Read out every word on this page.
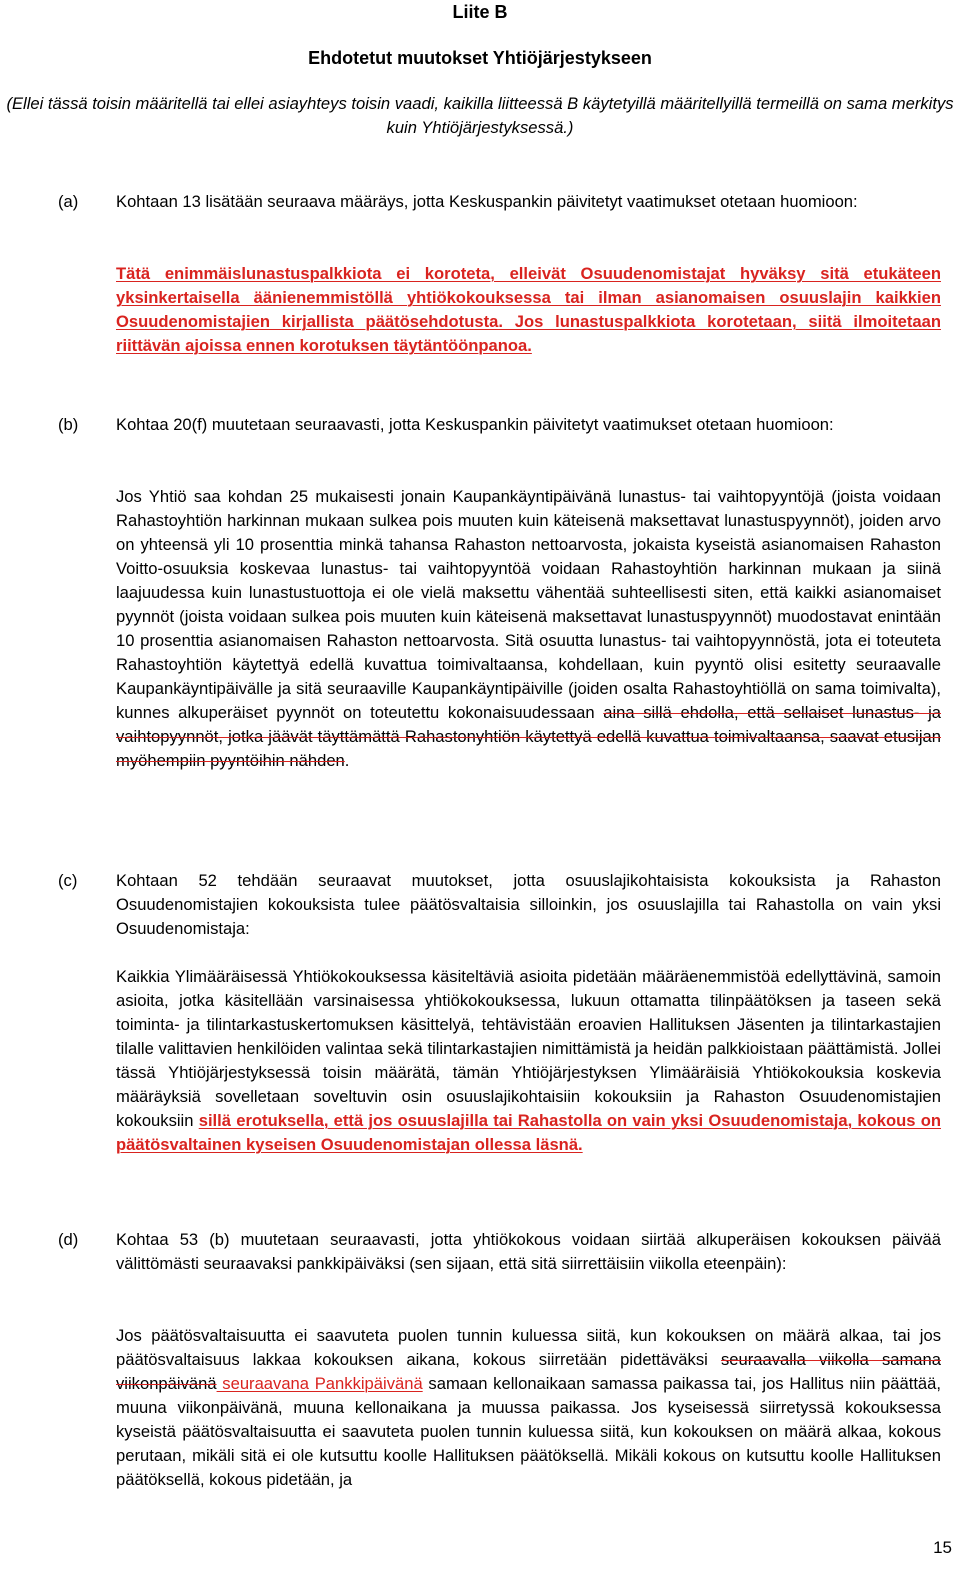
Liite B
Ehdotetut muutokset Yhtiöjärjestykseen
(Ellei tässä toisin määritellä tai ellei asiayhteys toisin vaadi, kaikilla liitteessä B käytetyillä määritellyillä termeillä on sama merkitys kuin Yhtiöjärjestyksessä.)
(a)	Kohtaan 13 lisätään seuraava määräys, jotta Keskuspankin päivitetyt vaatimukset otetaan huomioon:

Tätä enimmäislunastuspalkkiota ei koroteta, elleivät Osuudenomistajat hyväksy sitä etukäteen yksinkertaisella äänienemmistöllä yhtiökokouksessa tai ilman asianomaisen osuuslajin kaikkien Osuudenomistajien kirjallista päätösehdotusta. Jos lunastuspalkkiota korotetaan, siitä ilmoitetaan riittävän ajoissa ennen korotuksen täytäntöönpanoa.

(b)	Kohtaa 20(f) muutetaan seuraavasti, jotta Keskuspankin päivitetyt vaatimukset otetaan huomioon:

Jos Yhtiö saa kohdan 25 mukaisesti jonain Kaupankäyntipäivänä lunastus- tai vaihtopyyntöjä (joista voidaan Rahastoyhtiön harkinnan mukaan sulkea pois muuten kuin käteisenä maksettavat lunastuspyynnöt), joiden arvo on yhteensä yli 10 prosenttia minkä tahansa Rahaston nettoarvosta, jokaista kyseistä asianomaisen Rahaston Voitto-osuuksia koskevaa lunastus- tai vaihtopyyntöä voidaan Rahastoyhtiön harkinnan mukaan ja siinä laajuudessa kuin lunastustuottoja ei ole vielä maksettu vähentää suhteellisesti siten, että kaikki asianomaiset pyynnöt (joista voidaan sulkea pois muuten kuin käteisenä maksettavat lunastuspyynnöt) muodostavat enintään 10 prosenttia asianomaisen Rahaston nettoarvosta. Sitä osuutta lunastus- tai vaihtopyynnöstä, jota ei toteuteta Rahastoyhtiön käytettyä edellä kuvattua toimivaltaansa, kohdellaan, kuin pyyntö olisi esitetty seuraavalle Kaupankäyntipäivälle ja sitä seuraaville Kaupankäyntipäiville (joiden osalta Rahastoyhtiöllä on sama toimivalta), kunnes alkuperäiset pyynnöt on toteutettu kokonaisuudessaan aina sillä ehdolla, että sellaiset lunastus- ja vaihtopyynnöt, jotka jäävät täyttämättä Rahastonyhtiön käytettyä edellä kuvattua toimivaltaansa, saavat etusijan myöhempiin pyyntöihin nähden.

(c)	Kohtaan 52 tehdään seuraavat muutokset, jotta osuuslajikohtaisista kokouksista ja Rahaston Osuudenomistajien kokouksista tulee päätösvaltaisia silloinkin, jos osuuslajilla tai Rahastolla on vain yksi Osuudenomistaja:

Kaikkia Ylimääräisessä Yhtiökokouksessa käsiteltäviä asioita pidetään määräenemmistöä edellyttävinä, samoin asioita, jotka käsitellään varsinaisessa yhtiökokouksessa, lukuun ottamatta tilinpäätöksen ja taseen sekä toiminta- ja tilintarkastuskertomuksen käsittelyä, tehtävistään eroavien Hallituksen Jäsenten ja tilintarkastajien tilalle valittavien henkilöiden valintaa sekä tilintarkastajien nimittämistä ja heidän palkkioistaan päättämistä. Jollei tässä Yhtiöjärjestyksessä toisin määrätä, tämän Yhtiöjärjestyksen Ylimääräisiä Yhtiökokouksia koskevia määräyksiä sovelletaan soveltuvin osin osuuslajikohtaisiin kokouksiin ja Rahaston Osuudenomistajien kokouksiin sillä erotuksella, että jos osuuslajilla tai Rahastolla on vain yksi Osuudenomistaja, kokous on päätösvaltainen kyseisen Osuudenomistajan ollessa läsnä.

(d)	Kohtaa 53 (b) muutetaan seuraavasti, jotta yhtiökokous voidaan siirtää alkuperäisen kokouksen päivää välittömästi seuraavaksi pankkipäiväksi (sen sijaan, että sitä siirrettäisiin viikolla eteenpäin):

Jos päätösvaltaisuutta ei saavuteta puolen tunnin kuluessa siitä, kun kokouksen on määrä alkaa, tai jos päätösvaltaisuus lakkaa kokouksen aikana, kokous siirretään pidettäväksi seuraavalla viikolla samana viikonpäivänä seuraavana Pankkipäivänä samaan kellonaikaan samassa paikassa tai, jos Hallitus niin päättää, muuna viikonpäivänä, muuna kellonaikana ja muussa paikassa. Jos kyseisessä siirretyssä kokouksessa kyseistä päätösvaltaisuutta ei saavuteta puolen tunnin kuluessa siitä, kun kokouksen on määrä alkaa, kokous perutaan, mikäli sitä ei ole kutsuttu koolle Hallituksen päätöksellä. Mikäli kokous on kutsuttu koolle Hallituksen päätöksellä, kokous pidetään, ja

15
